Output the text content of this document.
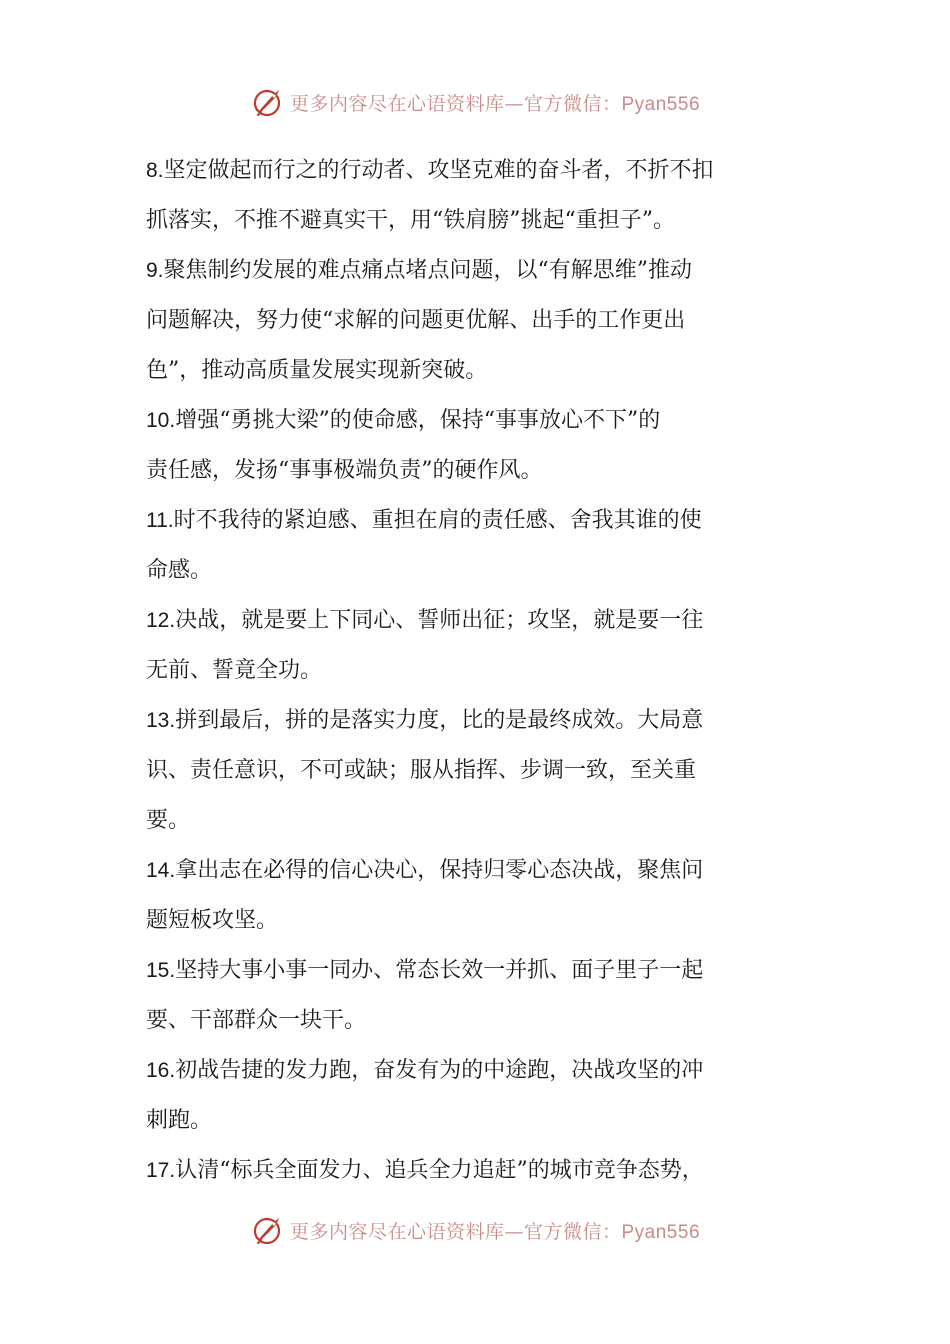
更多内容尽在心语资料库—官方微信：Pyan556
8.坚定做起而行之的行动者、攻坚克难的奋斗者，不折不扣
抓落实，不推不避真实干，用“铁肩膀”挑起“重担子”。
9.聚焦制约发展的难点痛点堵点问题，以“有解思维”推动
问题解决，努力使“求解的问题更优解、出手的工作更出
色”，推动高质量发展实现新突破。
10.增强“勇挑大梁”的使命感，保持“事事放心不下”的
责任感，发扬“事事极端负责”的硬作风。
11.时不我待的紧迫感、重担在肩的责任感、舍我其谁的使
命感。
12.决战，就是要上下同心、誓师出征；攻坚，就是要一往
无前、誓竟全功。
13.拼到最后，拼的是落实力度，比的是最终成效。大局意
识、责任意识，不可或缺；服从指挥、步调一致，至关重
要。
14.拿出志在必得的信心决心，保持归零心态决战，聚焦问
题短板攻坚。
15.坚持大事小事一同办、常态长效一并抓、面子里子一起
要、干部群众一块干。
16.初战告捷的发力跑，奋发有为的中途跑，决战攻坚的冲
刺跑。
17.认清“标兵全面发力、追兵全力追赶”的城市竞争态势，
更多内容尽在心语资料库—官方微信：Pyan556
